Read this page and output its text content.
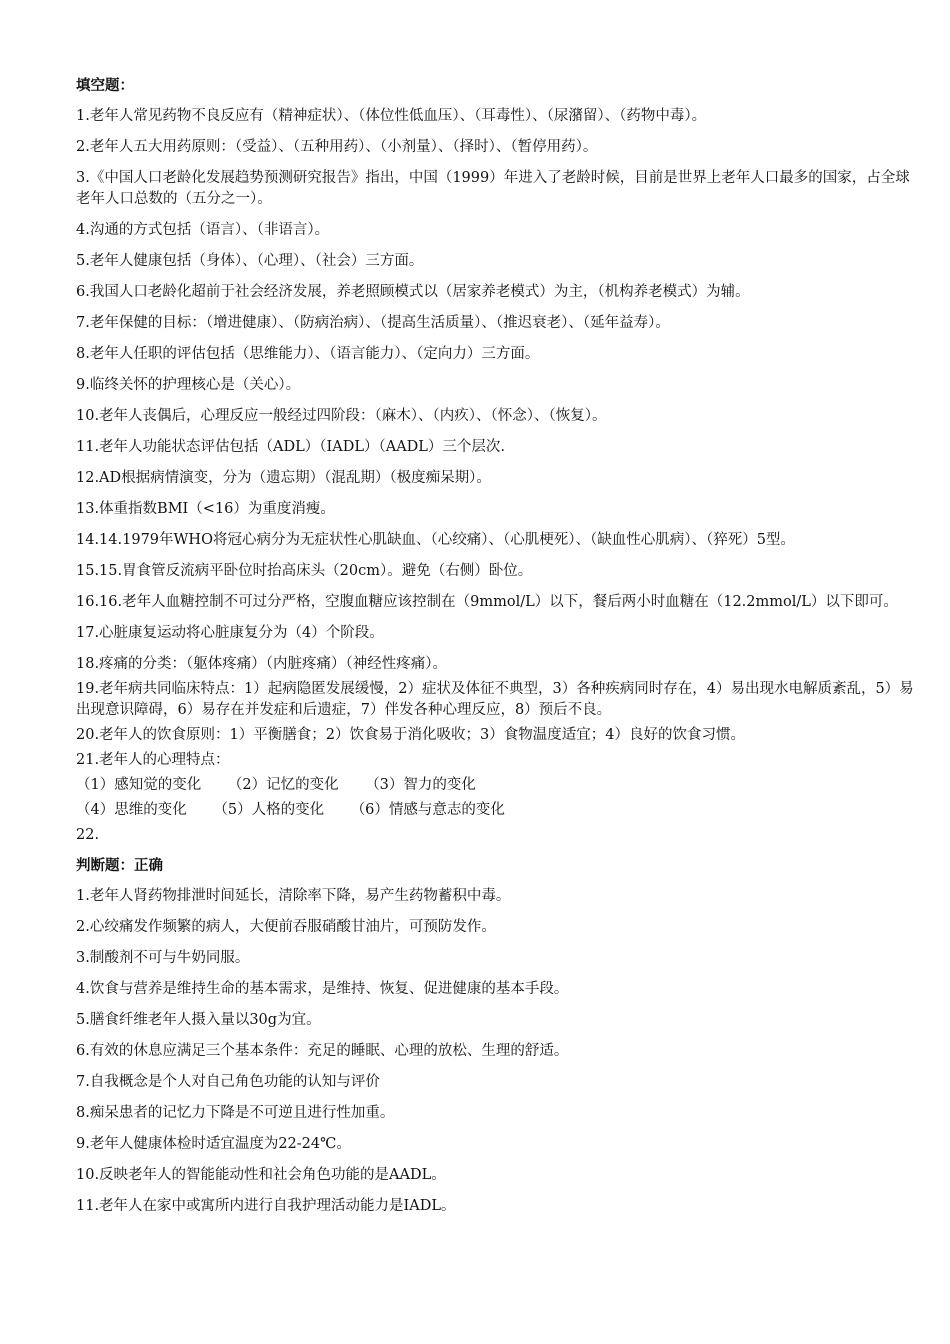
填空题：
1.老年人常见药物不良反应有（精神症状）、（体位性低血压）、（耳毒性）、（尿潴留）、（药物中毒）。
2.老年人五大用药原则：（受益）、（五种用药）、（小剂量）、（择时）、（暂停用药）。
3.《中国人口老龄化发展趋势预测研究报告》指出，中国（1999）年进入了老龄时候，目前是世界上老年人口最多的国家，占全球老年人口总数的（五分之一）。
4.沟通的方式包括（语言）、（非语言）。
5.老年人健康包括（身体）、（心理）、（社会）三方面。
6.我国人口老龄化超前于社会经济发展，养老照顾模式以（居家养老模式）为主，（机构养老模式）为辅。
7.老年保健的目标：（增进健康）、（防病治病）、（提高生活质量）、（推迟衰老）、（延年益寿）。
8.老年人任职的评估包括（思维能力）、（语言能力）、（定向力）三方面。
9.临终关怀的护理核心是（关心）。
10.老年人丧偶后，心理反应一般经过四阶段：（麻木）、（内疚）、（怀念）、（恢复）。
11.老年人功能状态评估包括（ADL）（IADL）（AADL）三个层次.
12.AD根据病情演变，分为（遗忘期）（混乱期）（极度痴呆期）。
13.体重指数BMI（<16）为重度消瘦。
14.14.1979年WHO将冠心病分为无症状性心肌缺血、（心绞痛）、（心肌梗死）、（缺血性心肌病）、（猝死）5型。
15.15.胃食管反流病平卧位时抬高床头（20cm）。避免（右侧）卧位。
16.16.老年人血糖控制不可过分严格，空腹血糖应该控制在（9mmol/L）以下，餐后两小时血糖在（12.2mmol/L）以下即可。
17.心脏康复运动将心脏康复分为（4）个阶段。
18.疼痛的分类：（躯体疼痛）（内脏疼痛）（神经性疼痛）。
19.老年病共同临床特点：1）起病隐匿发展缓慢，2）症状及体征不典型，3）各种疾病同时存在，4）易出现水电解质紊乱，5）易出现意识障碍，6）易存在并发症和后遗症，7）伴发各种心理反应，8）预后不良。
20.老年人的饮食原则：1）平衡膳食；2）饮食易于消化吸收；3）食物温度适宜；4）良好的饮食习惯。
21.老年人的心理特点：
（1）感知觉的变化 （2）记忆的变化 （3）智力的变化
（4）思维的变化 （5）人格的变化 （6）情感与意志的变化
22.
判断题：正确
1.老年人肾药物排泄时间延长，清除率下降，易产生药物蓄积中毒。
2.心绞痛发作频繁的病人，大便前吞服硝酸甘油片，可预防发作。
3.制酸剂不可与牛奶同服。
4.饮食与营养是维持生命的基本需求，是维持、恢复、促进健康的基本手段。
5.膳食纤维老年人摄入量以30g为宜。
6.有效的休息应满足三个基本条件：充足的睡眠、心理的放松、生理的舒适。
7.自我概念是个人对自己角色功能的认知与评价
8.痴呆患者的记忆力下降是不可逆且进行性加重。
9.老年人健康体检时适宜温度为22-24℃。
10.反映老年人的智能能动性和社会角色功能的是AADL。
11.老年人在家中或寓所内进行自我护理活动能力是IADL。
